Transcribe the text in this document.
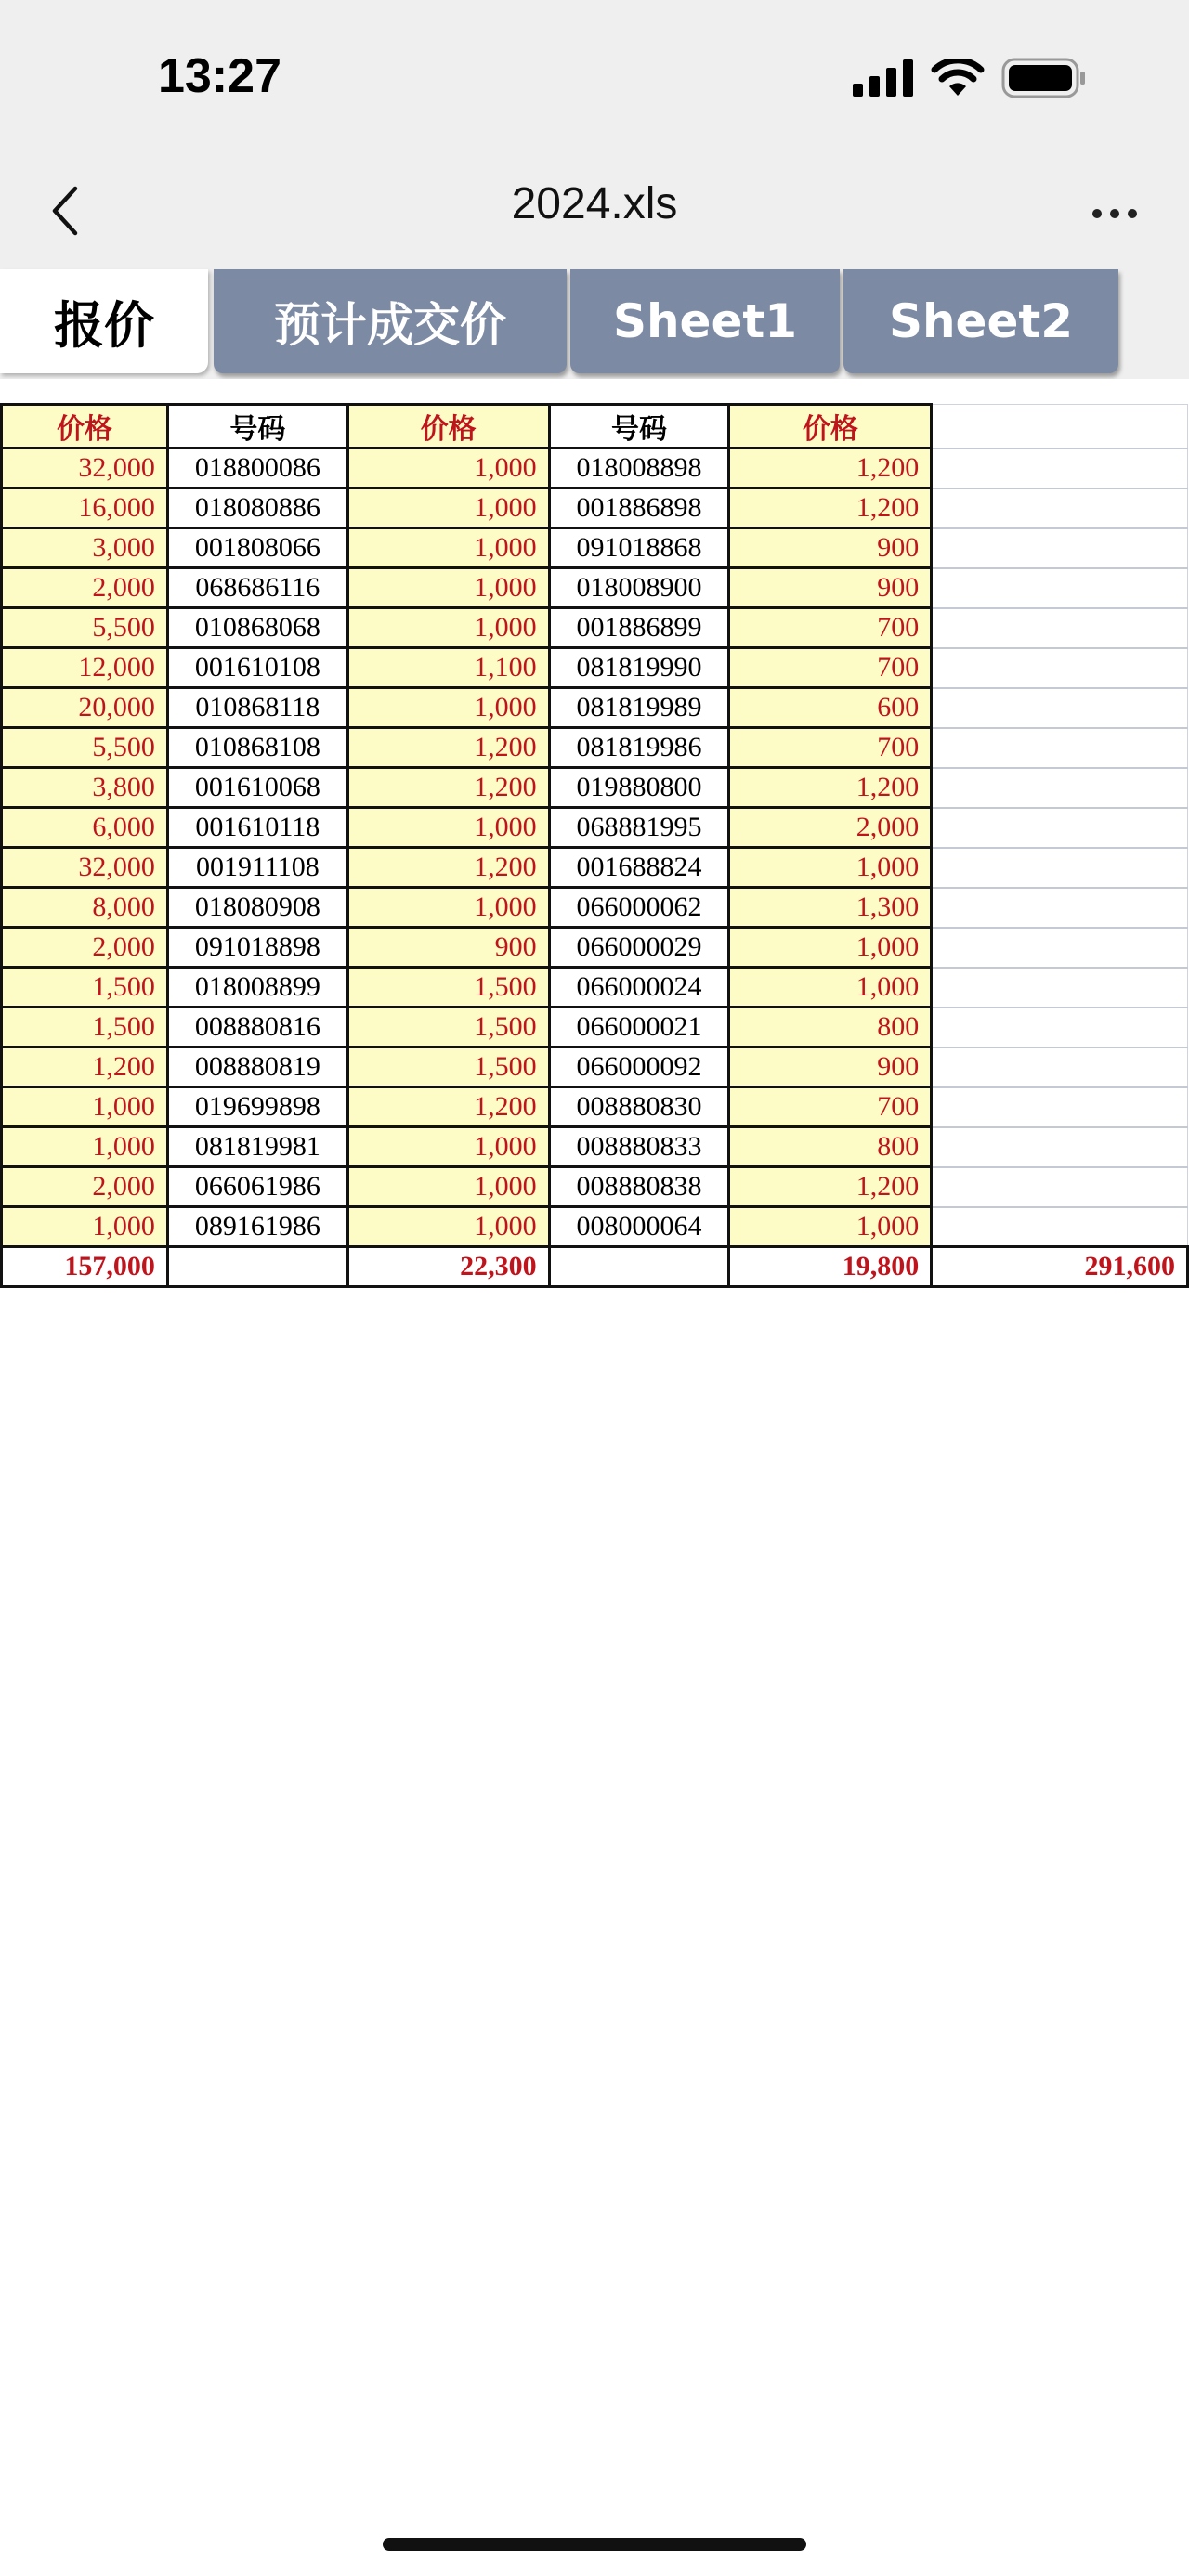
13:27
2024.xls
报价	预计成交价	Sheet1	Sheet2
价格	号码	价格	号码	价格	
32,000	018800086	1,000	018008898	1,200	
16,000	018080886	1,000	001886898	1,200	
3,000	001808066	1,000	091018868	900	
2,000	068686116	1,000	018008900	900	
5,500	010868068	1,000	001886899	700	
12,000	001610108	1,100	081819990	700	
20,000	010868118	1,000	081819989	600	
5,500	010868108	1,200	081819986	700	
3,800	001610068	1,200	019880800	1,200	
6,000	001610118	1,000	068881995	2,000	
32,000	001911108	1,200	001688824	1,000	
8,000	018080908	1,000	066000062	1,300	
2,000	091018898	900	066000029	1,000	
1,500	018008899	1,500	066000024	1,000	
1,500	008880816	1,500	066000021	800	
1,200	008880819	1,500	066000092	900	
1,000	019699898	1,200	008880830	700	
1,000	081819981	1,000	008880833	800	
2,000	066061986	1,000	008880838	1,200	
1,000	089161986	1,000	008000064	1,000	
157,000		22,300		19,800	291,600
